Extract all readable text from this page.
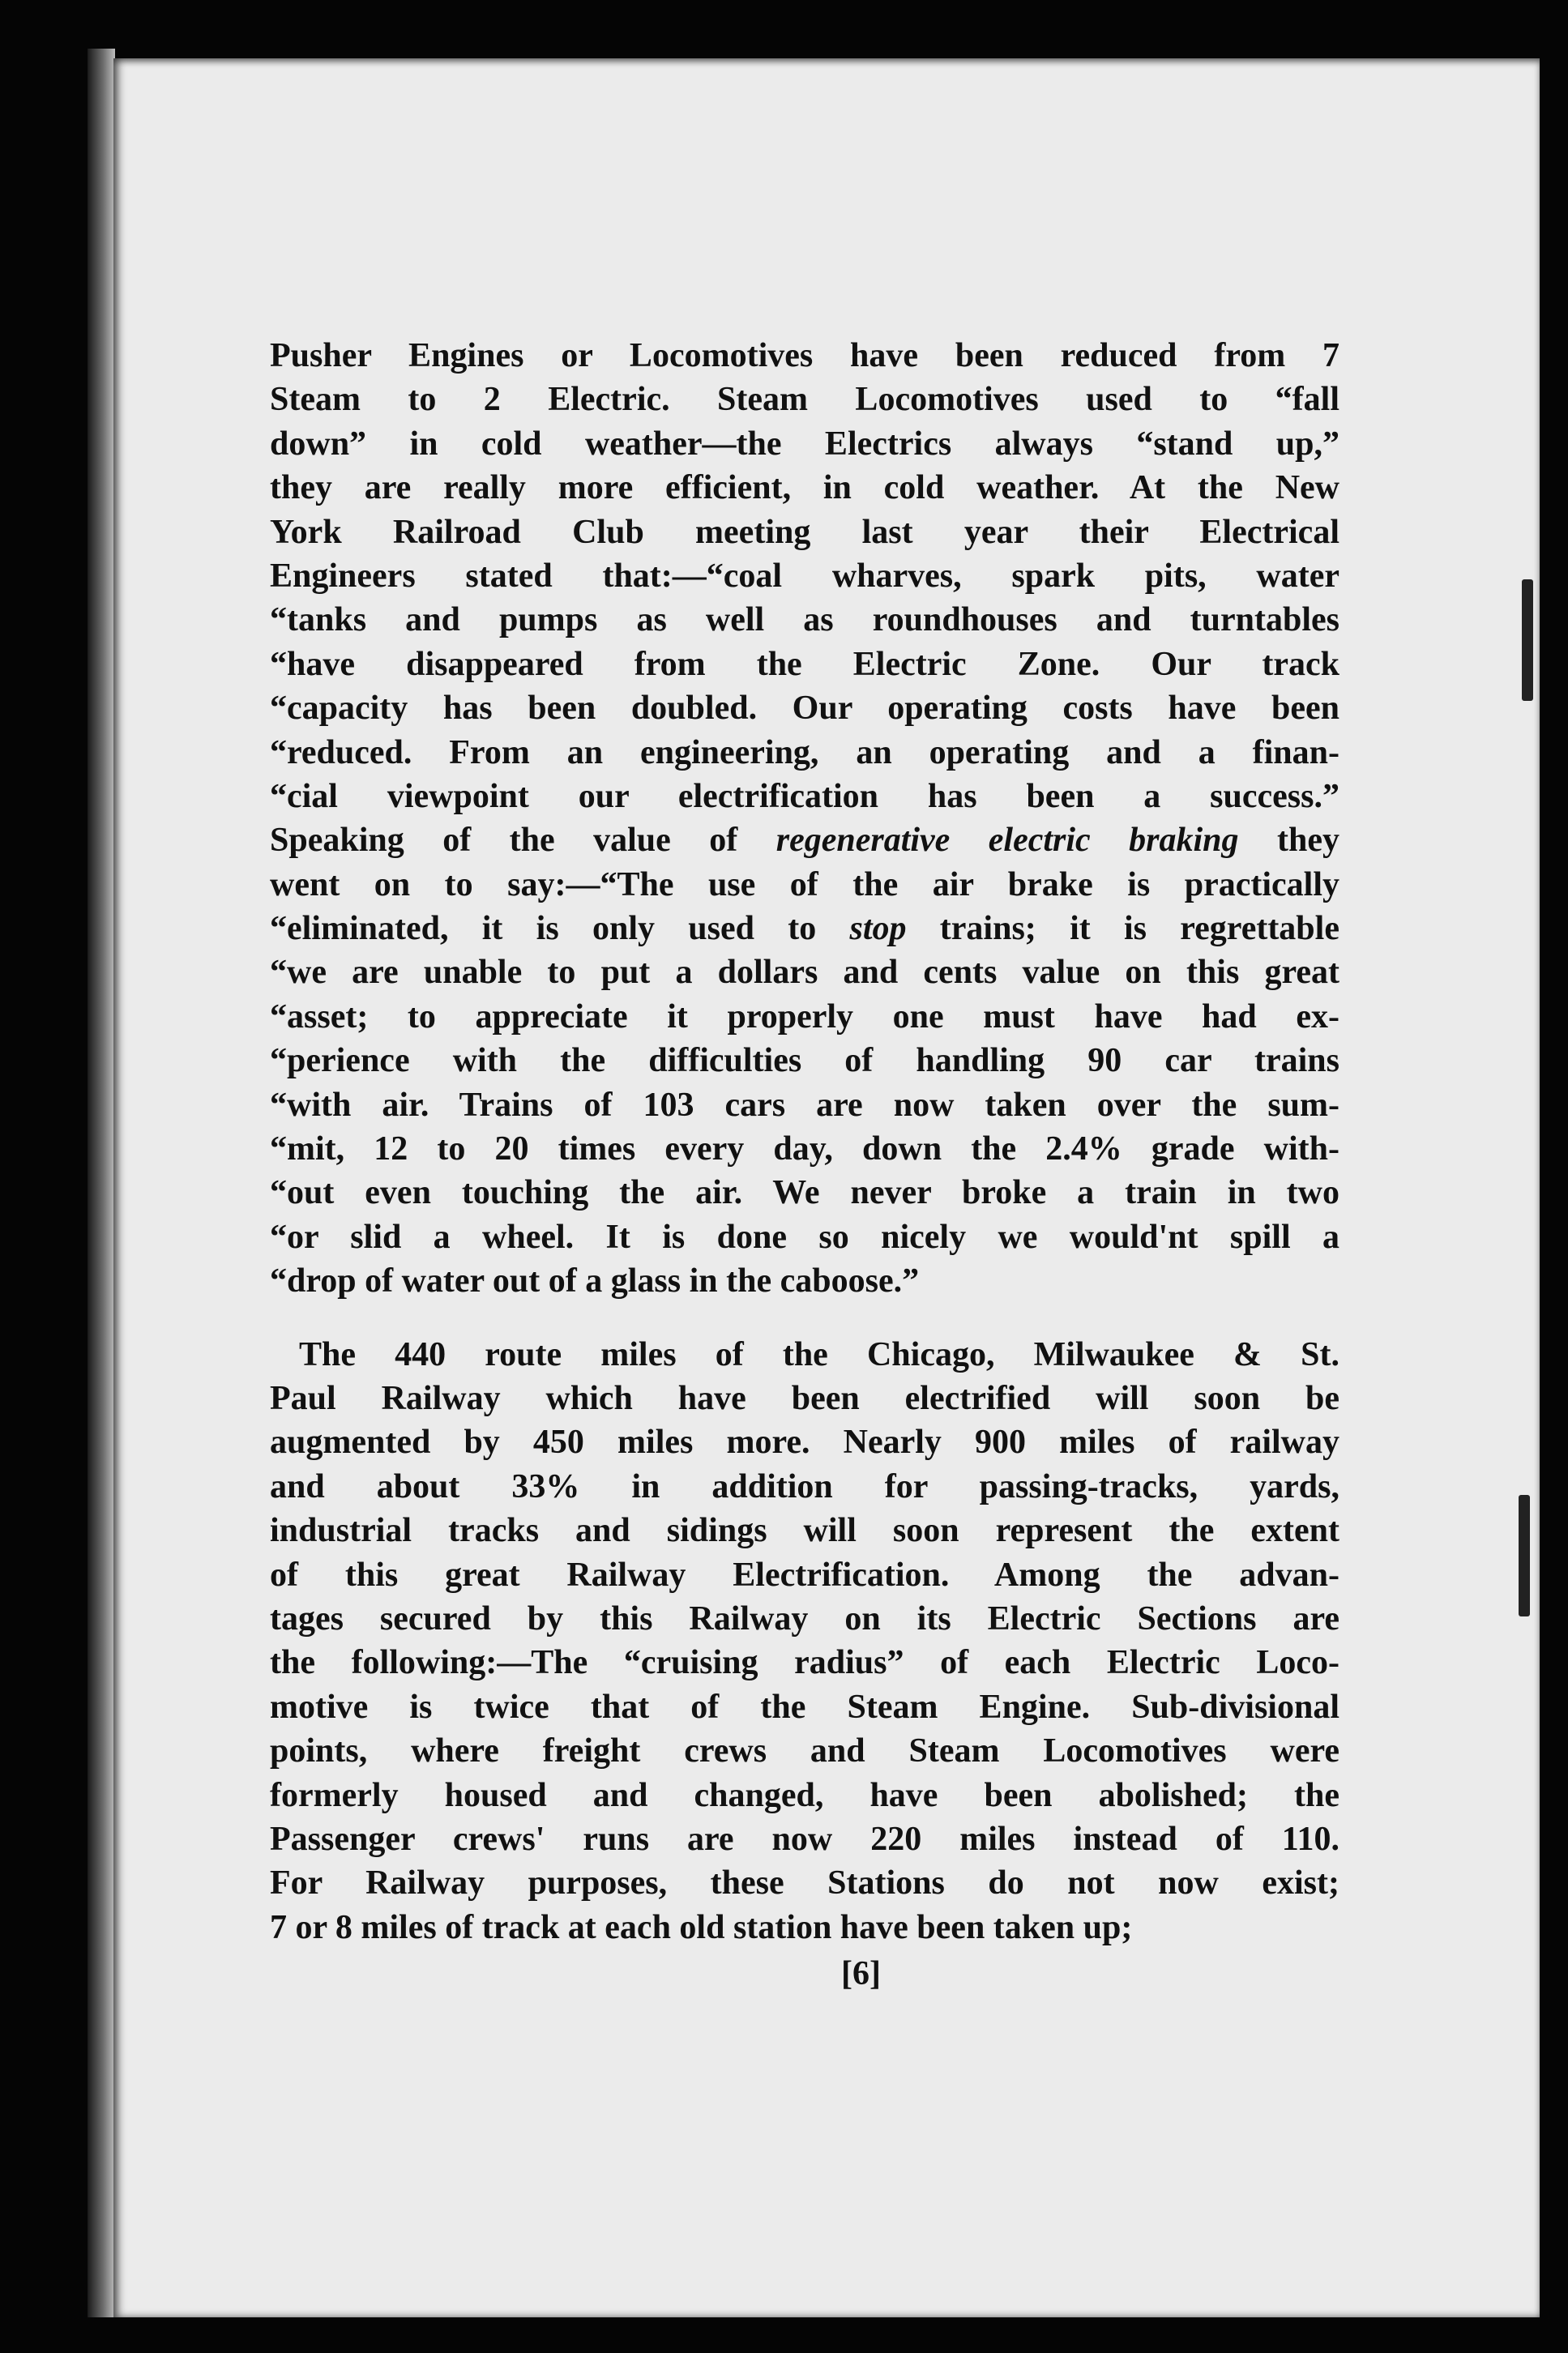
Pusher Engines or Locomotives have been reduced from 7
Steam to 2 Electric. Steam Locomotives used to “fall
down” in cold weather—the Electrics always “stand up,”
they are really more efficient, in cold weather. At the New
York Railroad Club meeting last year their Electrical
Engineers stated that:—“coal wharves, spark pits, water
“tanks and pumps as well as roundhouses and turntables
“have disappeared from the Electric Zone. Our track
“capacity has been doubled. Our operating costs have been
“reduced. From an engineering, an operating and a finan-
“cial viewpoint our electrification has been a success.”
Speaking of the value of regenerative electric braking they
went on to say:—“The use of the air brake is practically
“eliminated, it is only used to stop trains; it is regrettable
“we are unable to put a dollars and cents value on this great
“asset; to appreciate it properly one must have had ex-
“perience with the difficulties of handling 90 car trains
“with air. Trains of 103 cars are now taken over the sum-
“mit, 12 to 20 times every day, down the 2.4% grade with-
“out even touching the air. We never broke a train in two
“or slid a wheel. It is done so nicely we would'nt spill a
“drop of water out of a glass in the caboose.”
The 440 route miles of the Chicago, Milwaukee & St.
Paul Railway which have been electrified will soon be
augmented by 450 miles more. Nearly 900 miles of railway
and about 33% in addition for passing-tracks, yards,
industrial tracks and sidings will soon represent the extent
of this great Railway Electrification. Among the advan-
tages secured by this Railway on its Electric Sections are
the following:—The “cruising radius” of each Electric Loco-
motive is twice that of the Steam Engine. Sub-divisional
points, where freight crews and Steam Locomotives were
formerly housed and changed, have been abolished; the
Passenger crews' runs are now 220 miles instead of 110.
For Railway purposes, these Stations do not now exist;
7 or 8 miles of track at each old station have been taken up;
[6]
